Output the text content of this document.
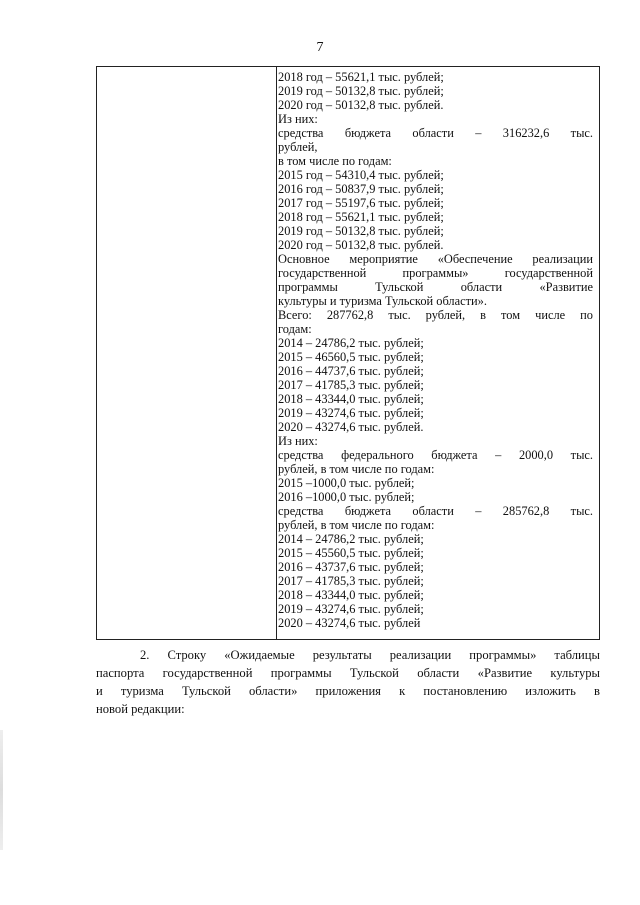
7
2018 год – 55621,1 тыс. рублей;
2019 год – 50132,8 тыс. рублей;
2020 год – 50132,8 тыс. рублей.
Из них:
средства бюджета области – 316232,6 тыс.
рублей,
в том числе по годам:
2015 год – 54310,4 тыс. рублей;
2016 год – 50837,9 тыс. рублей;
2017 год – 55197,6 тыс. рублей;
2018 год – 55621,1 тыс. рублей;
2019 год – 50132,8 тыс. рублей;
2020 год – 50132,8 тыс. рублей.
Основное мероприятие «Обеспечение реализации
государственной программы» государственной
программы Тульской области «Развитие
культуры и туризма Тульской области».
Всего: 287762,8 тыс. рублей, в том числе по
годам:
2014 – 24786,2 тыс. рублей;
2015 – 46560,5 тыс. рублей;
2016 – 44737,6 тыс. рублей;
2017 – 41785,3 тыс. рублей;
2018 – 43344,0 тыс. рублей;
2019 – 43274,6 тыс. рублей;
2020 – 43274,6 тыс. рублей.
Из них:
средства федерального бюджета – 2000,0 тыс.
рублей, в том числе по годам:
2015 –1000,0 тыс. рублей;
2016 –1000,0 тыс. рублей;
средства бюджета области – 285762,8 тыс.
рублей, в том числе по годам:
2014 – 24786,2 тыс. рублей;
2015 – 45560,5 тыс. рублей;
2016 – 43737,6 тыс. рублей;
2017 – 41785,3 тыс. рублей;
2018 – 43344,0 тыс. рублей;
2019 – 43274,6 тыс. рублей;
2020 – 43274,6 тыс. рублей
2. Строку «Ожидаемые результаты реализации программы» таблицы
паспорта государственной программы Тульской области «Развитие культуры
и туризма Тульской области» приложения к постановлению изложить в
новой редакции:
